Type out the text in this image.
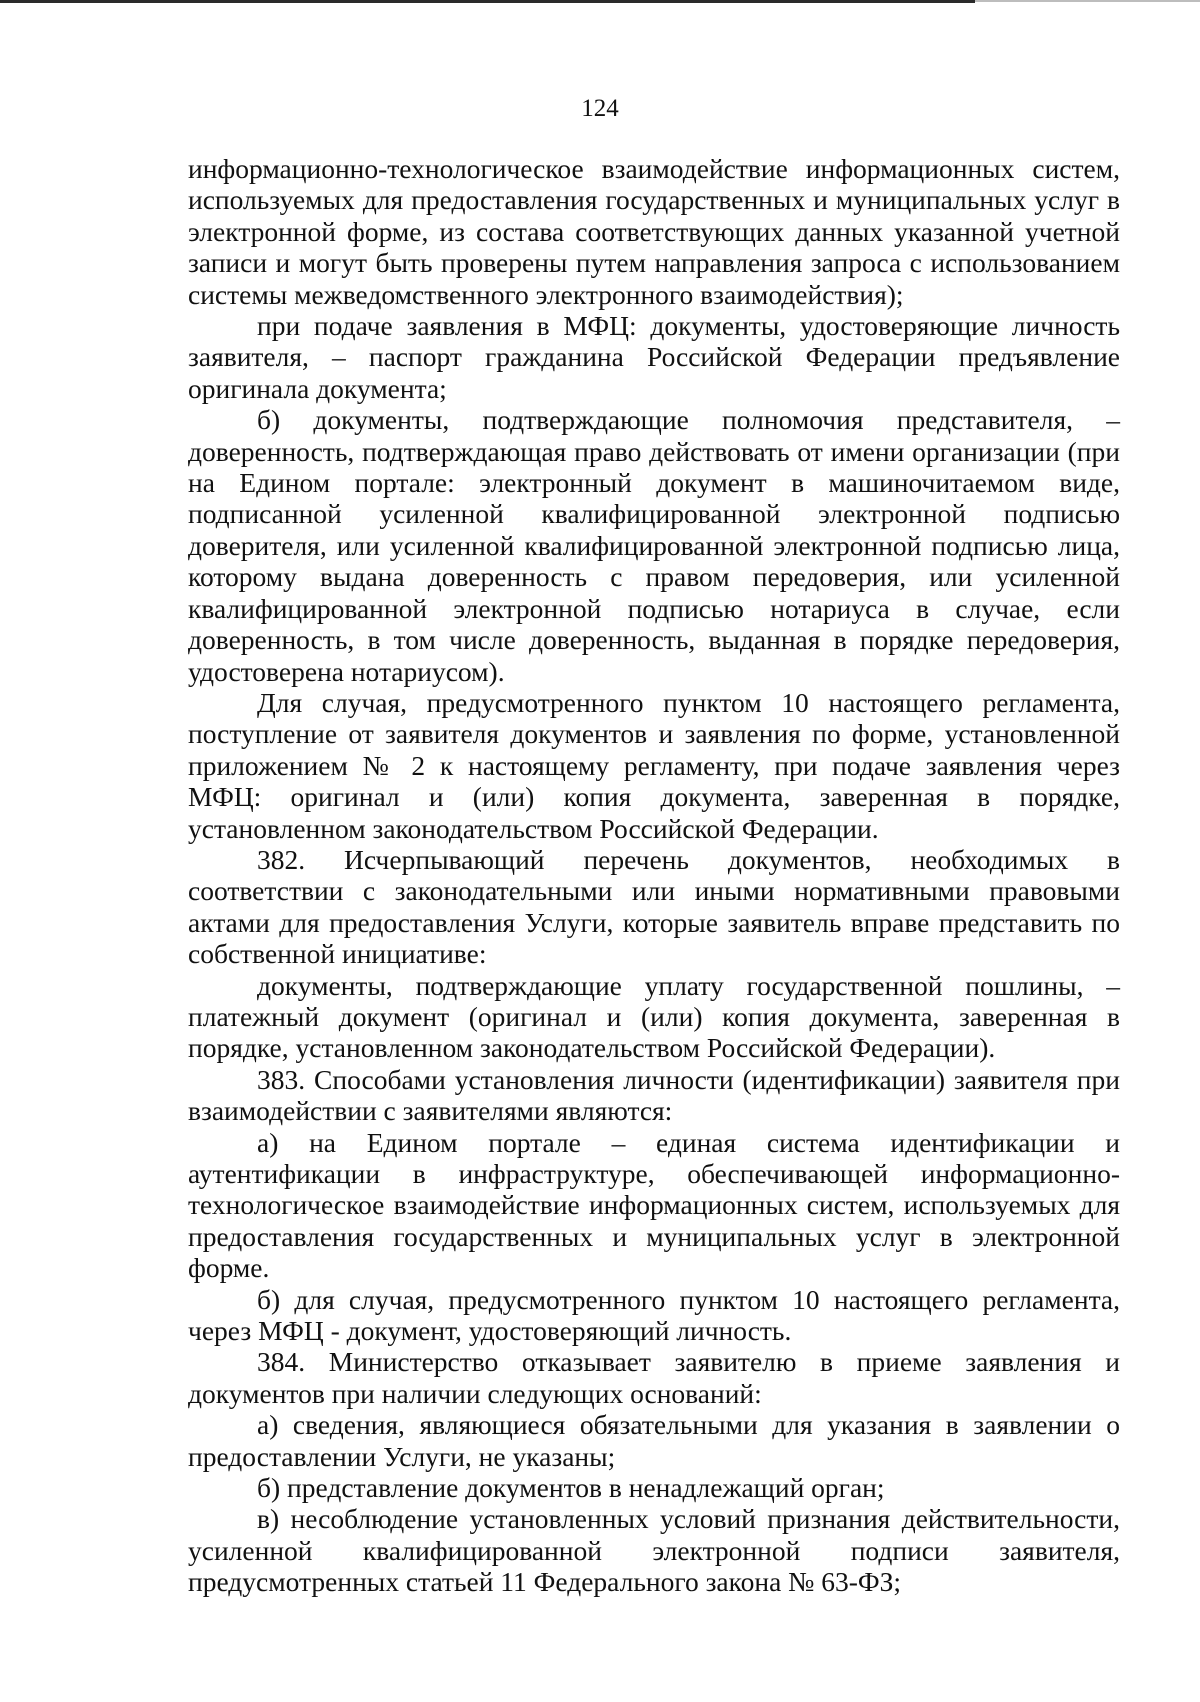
124

информационно-технологическое взаимодействие информационных систем, используемых для предоставления государственных и муниципальных услуг в электронной форме, из состава соответствующих данных указанной учетной записи и могут быть проверены путем направления запроса с использованием системы межведомственного электронного взаимодействия);

при подаче заявления в МФЦ: документы, удостоверяющие личность заявителя, – паспорт гражданина Российской Федерации предъявление оригинала документа;

б) документы, подтверждающие полномочия представителя, – доверенность, подтверждающая право действовать от имени организации (при на Едином портале: электронный документ в машиночитаемом виде, подписанной усиленной квалифицированной электронной подписью доверителя, или усиленной квалифицированной электронной подписью лица, которому выдана доверенность с правом передоверия, или усиленной квалифицированной электронной подписью нотариуса в случае, если доверенность, в том числе доверенность, выданная в порядке передоверия, удостоверена нотариусом).

Для случая, предусмотренного пунктом 10 настоящего регламента, поступление от заявителя документов и заявления по форме, установленной приложением № 2 к настоящему регламенту, при подаче заявления через МФЦ: оригинал и (или) копия документа, заверенная в порядке, установленном законодательством Российской Федерации.

382. Исчерпывающий перечень документов, необходимых в соответствии с законодательными или иными нормативными правовыми актами для предоставления Услуги, которые заявитель вправе представить по собственной инициативе:

документы, подтверждающие уплату государственной пошлины, – платежный документ (оригинал и (или) копия документа, заверенная в порядке, установленном законодательством Российской Федерации).

383. Способами установления личности (идентификации) заявителя при взаимодействии с заявителями являются:

а) на Едином портале – единая система идентификации и аутентификации в инфраструктуре, обеспечивающей информационно-технологическое взаимодействие информационных систем, используемых для предоставления государственных и муниципальных услуг в электронной форме.

б) для случая, предусмотренного пунктом 10 настоящего регламента, через МФЦ - документ, удостоверяющий личность.

384. Министерство отказывает заявителю в приеме заявления и документов при наличии следующих оснований:

а) сведения, являющиеся обязательными для указания в заявлении о предоставлении Услуги, не указаны;

б) представление документов в ненадлежащий орган;

в) несоблюдение установленных условий признания действительности, усиленной квалифицированной электронной подписи заявителя, предусмотренных статьей 11 Федерального закона № 63-ФЗ;
